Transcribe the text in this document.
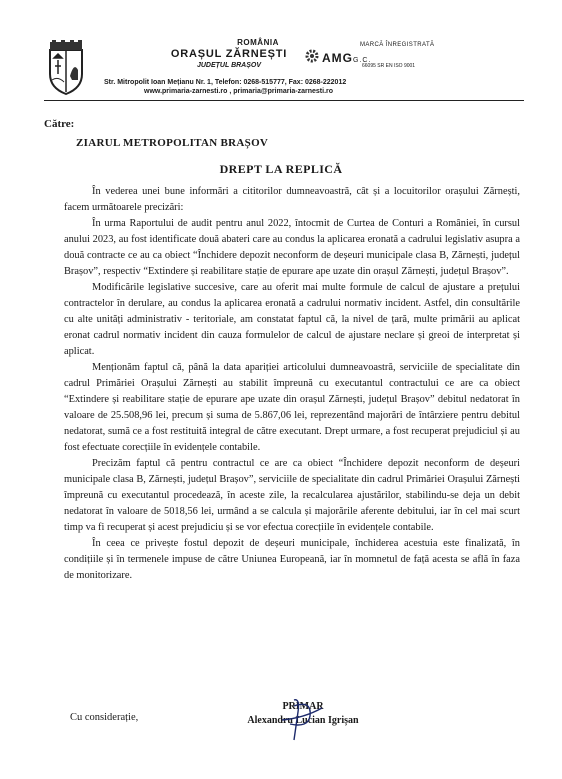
ROMÂNIA
ORAȘUL ZĂRNEȘTI
JUDEȚUL BRAȘOV
MARCĂ ÎNREGISTRATĂ
AMGG.C.
66095 SR EN ISO 9001
Str. Mitropolit Ioan Mețianu Nr. 1, Telefon: 0268-515777, Fax: 0268-222012
www.primaria-zarnesti.ro , primaria@primaria-zarnesti.ro
Către:
ZIARUL METROPOLITAN BRAȘOV
DREPT LA REPLICĂ

În vederea unei bune informări a cititorilor dumneavoastră, cât și a locuitorilor orașului Zărnești, facem următoarele precizări:

În urma Raportului de audit pentru anul 2022, întocmit de Curtea de Conturi a României, în cursul anului 2023, au fost identificate două abateri care au condus la aplicarea eronată a cadrului legislativ asupra a două contracte ce au ca obiect “Închidere depozit neconform de deșeuri municipale clasa B, Zărnești, județul Brașov”, respectiv “Extindere și reabilitare stație de epurare ape uzate din orașul Zărnești, județul Brașov”.

Modificările legislative succesive, care au oferit mai multe formule de calcul de ajustare a prețului contractelor în derulare, au condus la aplicarea eronată a cadrului normativ incident. Astfel, din consultările cu alte unități administrativ - teritoriale, am constatat faptul că, la nivel de țară, multe primării au aplicat eronat cadrul normativ incident din cauza formulelor de calcul de ajustare neclare și greoi de interpretat și aplicat.

Menționăm faptul că, până la data apariției articolului dumneavoastră, serviciile de specialitate din cadrul Primăriei Orașului Zărnești au stabilit împreună cu executantul contractului ce are ca obiect “Extindere și reabilitare stație de epurare ape uzate din orașul Zărnești, județul Brașov” debitul nedatorat în valoare de 25.508,96 lei, precum și suma de 5.867,06 lei, reprezentând majorări de întârziere pentru debitul nedatorat, sumă ce a fost restituită integral de către executant. Drept urmare, a fost recuperat prejudiciul și au fost efectuate corecțiile în evidențele contabile.

Precizăm faptul că pentru contractul ce are ca obiect “Închidere depozit neconform de deșeuri municipale clasa B, Zărnești, județul Brașov”, serviciile de specialitate din cadrul Primăriei Orașului Zărnești împreună cu executantul procedează, în aceste zile, la recalcularea ajustărilor, stabilindu-se deja un debit nedatorat în valoare de 5018,56 lei, urmând a se calcula și majorările aferente debitului, iar în cel mai scurt timp va fi recuperat și acest prejudiciu și se vor efectua corecțiile în evidențele contabile.

În ceea ce privește fostul depozit de deșeuri municipale, închiderea acestuia este finalizată, în condițiile și în termenele impuse de către Uniunea Europeană, iar în momnetul de față acesta se află în faza de monitorizare.

Cu considerație,
PRIMAR
Alexandru Lucian Igrișan
